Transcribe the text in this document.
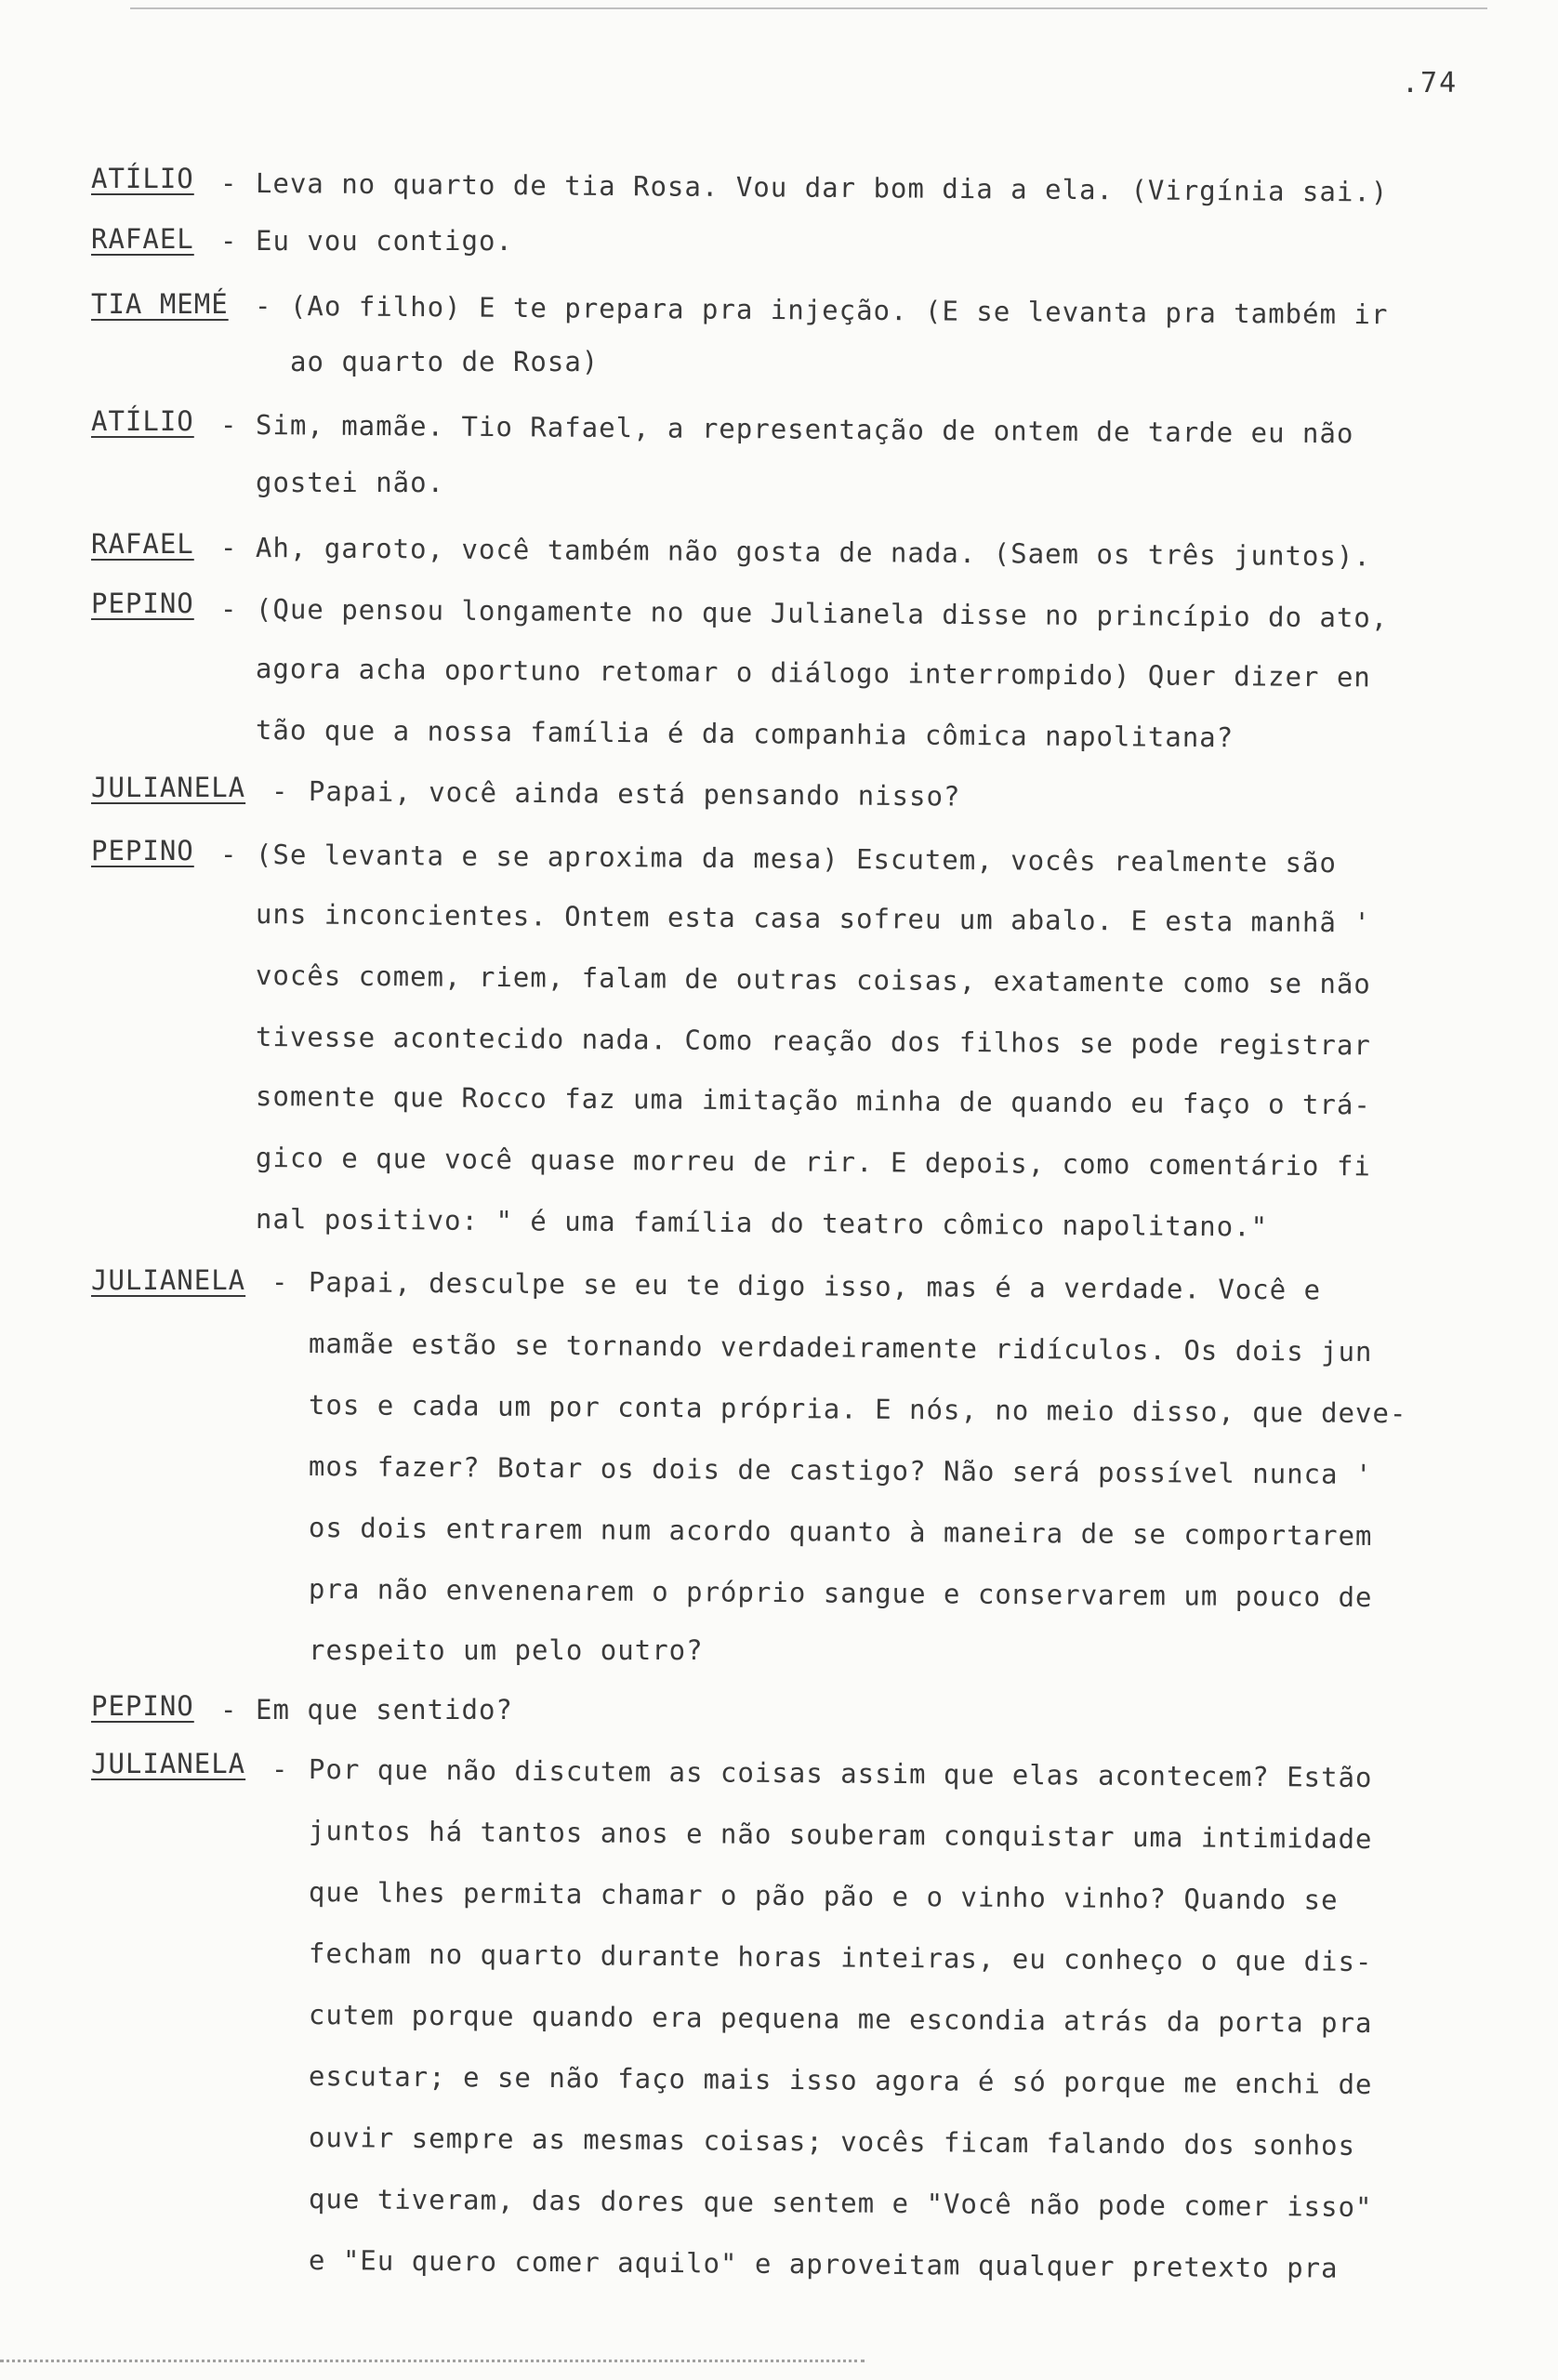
.74
ATÍLIO - Leva no quarto de tia Rosa. Vou dar bom dia a ela. (Virgínia sai.)
RAFAEL - Eu vou contigo.
TIA MEMÉ - (Ao filho) E te prepara pra injeção. (E se levanta pra também ir
ao quarto de Rosa)
ATÍLIO - Sim, mamãe. Tio Rafael, a representação de ontem de tarde eu não
gostei não.
RAFAEL - Ah, garoto, você também não gosta de nada. (Saem os três juntos).
PEPINO - (Que pensou longamente no que Julianela disse no princípio do ato,
agora acha oportuno retomar o diálogo interrompido) Quer dizer en
tão que a nossa família é da companhia cômica napolitana?
JULIANELA - Papai, você ainda está pensando nisso?
PEPINO - (Se levanta e se aproxima da mesa) Escutem, vocês realmente são
uns inconcientes. Ontem esta casa sofreu um abalo. E esta manhã '
vocês comem, riem, falam de outras coisas, exatamente como se não
tivesse acontecido nada. Como reação dos filhos se pode registrar
somente que Rocco faz uma imitação minha de quando eu faço o trá-
gico e que você quase morreu de rir. E depois, como comentário fi
nal positivo: " é uma família do teatro cômico napolitano."
JULIANELA - Papai, desculpe se eu te digo isso, mas é a verdade. Você e
mamãe estão se tornando verdadeiramente ridículos. Os dois jun
tos e cada um por conta própria. E nós, no meio disso, que deve-
mos fazer? Botar os dois de castigo? Não será possível nunca '
os dois entrarem num acordo quanto à maneira de se comportarem
pra não envenenarem o próprio sangue e conservarem um pouco de
respeito um pelo outro?
PEPINO - Em que sentido?
JULIANELA - Por que não discutem as coisas assim que elas acontecem? Estão
juntos há tantos anos e não souberam conquistar uma intimidade
que lhes permita chamar o pão pão e o vinho vinho? Quando se
fecham no quarto durante horas inteiras, eu conheço o que dis-
cutem porque quando era pequena me escondia atrás da porta pra
escutar; e se não faço mais isso agora é só porque me enchi de
ouvir sempre as mesmas coisas; vocês ficam falando dos sonhos
que tiveram, das dores que sentem e "Você não pode comer isso"
e "Eu quero comer aquilo" e aproveitam qualquer pretexto pra
